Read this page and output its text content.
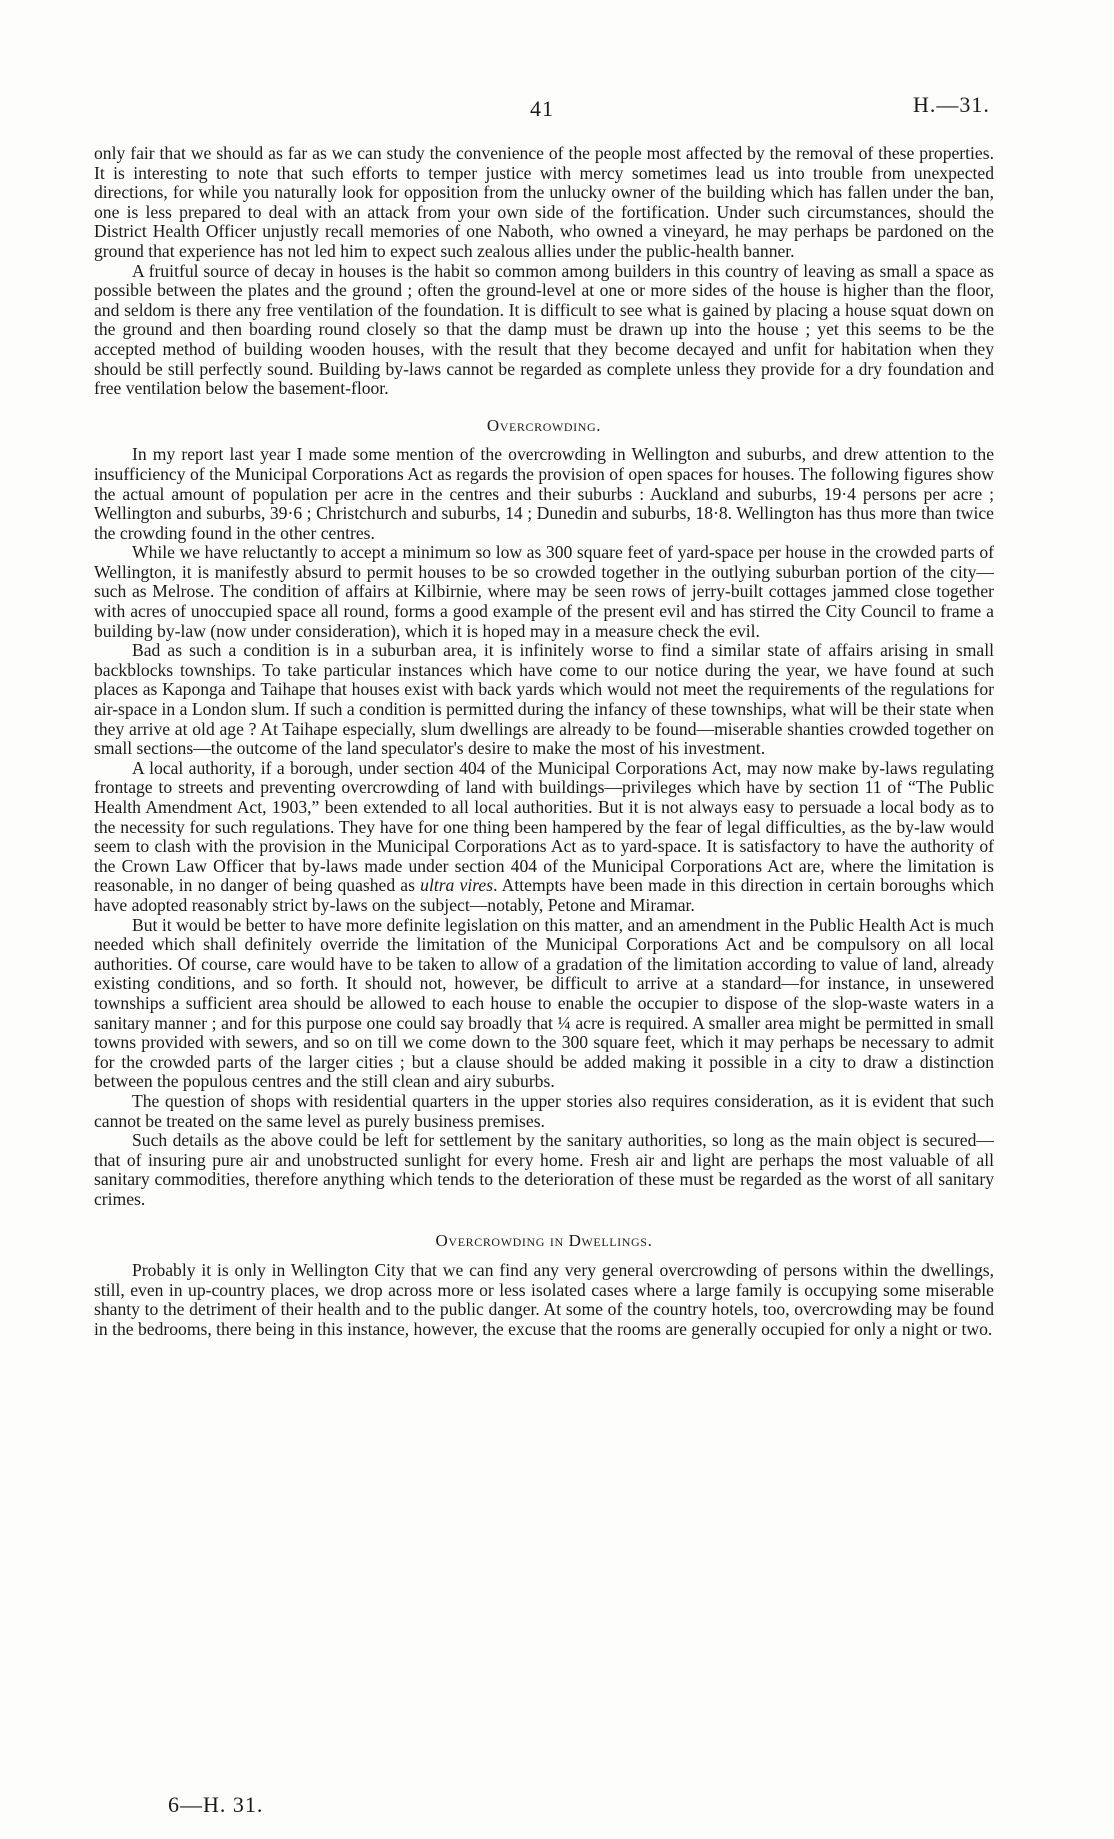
41	H.—31.

only fair that we should as far as we can study the convenience of the people most affected by the removal of these properties. It is interesting to note that such efforts to temper justice with mercy sometimes lead us into trouble from unexpected directions, for while you naturally look for opposition from the unlucky owner of the building which has fallen under the ban, one is less prepared to deal with an attack from your own side of the fortification. Under such circumstances, should the District Health Officer unjustly recall memories of one Naboth, who owned a vineyard, he may perhaps be pardoned on the ground that experience has not led him to expect such zealous allies under the public-health banner.

A fruitful source of decay in houses is the habit so common among builders in this country of leaving as small a space as possible between the plates and the ground ; often the ground-level at one or more sides of the house is higher than the floor, and seldom is there any free ventilation of the foundation. It is difficult to see what is gained by placing a house squat down on the ground and then boarding round closely so that the damp must be drawn up into the house ; yet this seems to be the accepted method of building wooden houses, with the result that they become decayed and unfit for habitation when they should be still perfectly sound. Building by-laws cannot be regarded as complete unless they provide for a dry foundation and free ventilation below the basement-floor.

Overcrowding.

In my report last year I made some mention of the overcrowding in Wellington and suburbs, and drew attention to the insufficiency of the Municipal Corporations Act as regards the provision of open spaces for houses. The following figures show the actual amount of population per acre in the centres and their suburbs : Auckland and suburbs, 19·4 persons per acre ; Wellington and suburbs, 39·6 ; Christchurch and suburbs, 14 ; Dunedin and suburbs, 18·8. Wellington has thus more than twice the crowding found in the other centres.

While we have reluctantly to accept a minimum so low as 300 square feet of yard-space per house in the crowded parts of Wellington, it is manifestly absurd to permit houses to be so crowded together in the outlying suburban portion of the city—such as Melrose. The condition of affairs at Kilbirnie, where may be seen rows of jerry-built cottages jammed close together with acres of unoccupied space all round, forms a good example of the present evil and has stirred the City Council to frame a building by-law (now under consideration), which it is hoped may in a measure check the evil.

Bad as such a condition is in a suburban area, it is infinitely worse to find a similar state of affairs arising in small backblocks townships. To take particular instances which have come to our notice during the year, we have found at such places as Kaponga and Taihape that houses exist with back yards which would not meet the requirements of the regulations for air-space in a London slum. If such a condition is permitted during the infancy of these townships, what will be their state when they arrive at old age ? At Taihape especially, slum dwellings are already to be found—miserable shanties crowded together on small sections—the outcome of the land speculator's desire to make the most of his investment.

A local authority, if a borough, under section 404 of the Municipal Corporations Act, may now make by-laws regulating frontage to streets and preventing overcrowding of land with buildings—privileges which have by section 11 of “The Public Health Amendment Act, 1903,” been extended to all local authorities. But it is not always easy to persuade a local body as to the necessity for such regulations. They have for one thing been hampered by the fear of legal difficulties, as the by-law would seem to clash with the provision in the Municipal Corporations Act as to yard-space. It is satisfactory to have the authority of the Crown Law Officer that by-laws made under section 404 of the Municipal Corporations Act are, where the limitation is reasonable, in no danger of being quashed as ultra vires. Attempts have been made in this direction in certain boroughs which have adopted reasonably strict by-laws on the subject—notably, Petone and Miramar.

But it would be better to have more definite legislation on this matter, and an amendment in the Public Health Act is much needed which shall definitely override the limitation of the Municipal Corporations Act and be compulsory on all local authorities. Of course, care would have to be taken to allow of a gradation of the limitation according to value of land, already existing conditions, and so forth. It should not, however, be difficult to arrive at a standard—for instance, in unsewered townships a sufficient area should be allowed to each house to enable the occupier to dispose of the slop-waste waters in a sanitary manner ; and for this purpose one could say broadly that ¼ acre is required. A smaller area might be permitted in small towns provided with sewers, and so on till we come down to the 300 square feet, which it may perhaps be necessary to admit for the crowded parts of the larger cities ; but a clause should be added making it possible in a city to draw a distinction between the populous centres and the still clean and airy suburbs.

The question of shops with residential quarters in the upper stories also requires consideration, as it is evident that such cannot be treated on the same level as purely business premises.

Such details as the above could be left for settlement by the sanitary authorities, so long as the main object is secured—that of insuring pure air and unobstructed sunlight for every home. Fresh air and light are perhaps the most valuable of all sanitary commodities, therefore anything which tends to the deterioration of these must be regarded as the worst of all sanitary crimes.

Overcrowding in Dwellings.

Probably it is only in Wellington City that we can find any very general overcrowding of persons within the dwellings, still, even in up-country places, we drop across more or less isolated cases where a large family is occupying some miserable shanty to the detriment of their health and to the public danger. At some of the country hotels, too, overcrowding may be found in the bedrooms, there being in this instance, however, the excuse that the rooms are generally occupied for only a night or two.

6—H. 31.
